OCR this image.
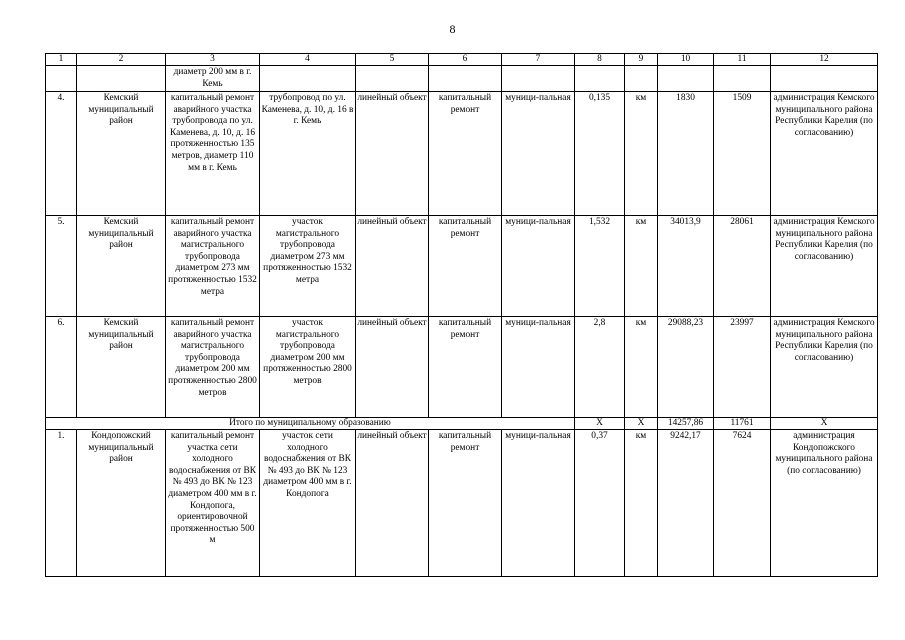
8
1	2	3	4	5	6	7	8	9	10	11	12
		диаметр 200 мм в г. Кемь									
4.	Кемский муниципальный район	капитальный ремонт аварийного участка трубопровода по ул. Каменева, д. 10, д. 16 протяженностью 135 метров, диаметр 110 мм в г. Кемь	трубопровод по ул. Каменева, д. 10, д. 16 в г. Кемь	линейный объект	капитальный ремонт	муници-пальная	0,135	км	1830	1509	администрация Кемского муниципального района Республики Карелия (по согласованию)
5.	Кемский муниципальный район	капитальный ремонт аварийного участка магистрального трубопровода диаметром 273 мм протяженностью 1532 метра	участок магистрального трубопровода диаметром 273 мм протяженностью 1532 метра	линейный объект	капитальный ремонт	муници-пальная	1,532	км	34013,9	28061	администрация Кемского муниципального района Республики Карелия (по согласованию)
6.	Кемский муниципальный район	капитальный ремонт аварийного участка магистрального трубопровода диаметром 200 мм протяженностью 2800 метров	участок магистрального трубопровода диаметром 200 мм протяженностью 2800 метров	линейный объект	капитальный ремонт	муници-пальная	2,8	км	29088,23	23997	администрация Кемского муниципального района Республики Карелия (по согласованию)
Итого по муниципальному образованию							Х	Х	14257,86	11761	Х
1.	Кондопожский муниципальный район	капитальный ремонт участка сети холодного водоснабжения от ВК № 493 до ВК № 123 диаметром 400 мм в г. Кондопога, ориентировочной протяженностью 500 м	участок сети холодного водоснабжения от ВК № 493 до ВК № 123 диаметром 400 мм в г. Кондопога	линейный объект	капитальный ремонт	муници-пальная	0,37	км	9242,17	7624	администрация Кондопожского муниципального района (по согласованию)
